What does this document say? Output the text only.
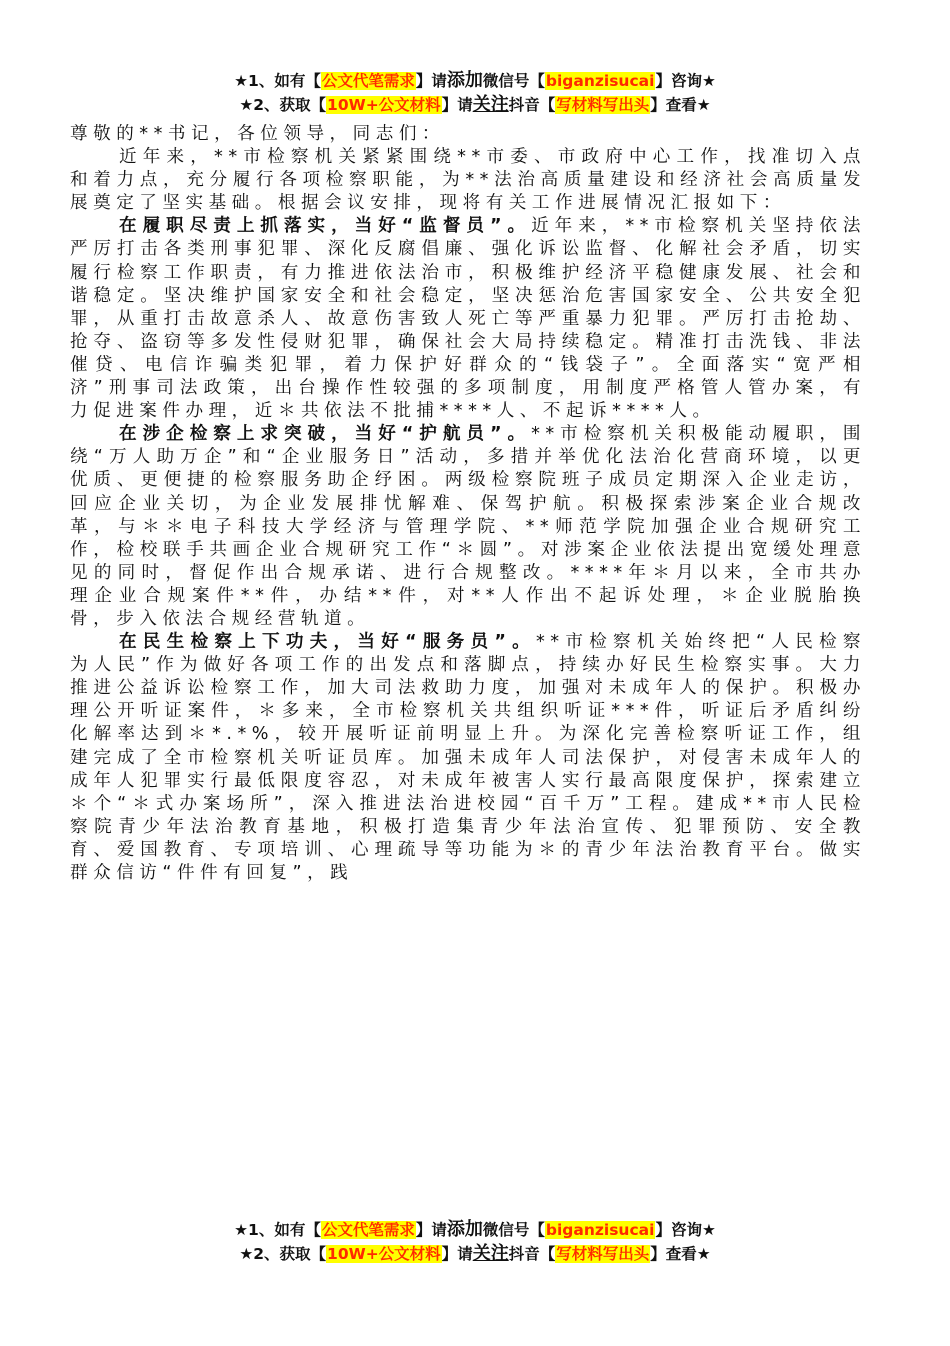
★1、如有【公文代笔需求】请添加微信号【biganzisucai】咨询★
★2、获取【10W+公文材料】请关注抖音【写材料写出头】查看★

尊敬的**书记，各位领导，同志们：

近年来，**市检察机关紧紧围绕**市委、市政府中心工作，找准切入点和着力点，充分履行各项检察职能，为**法治高质量建设和经济社会高质量发展奠定了坚实基础。根据会议安排，现将有关工作进展情况汇报如下：

在履职尽责上抓落实，当好“监督员”。近年来，**市检察机关坚持依法严厉打击各类刑事犯罪、深化反腐倡廉、强化诉讼监督、化解社会矛盾，切实履行检察工作职责，有力推进依法治市，积极维护经济平稳健康发展、社会和谐稳定。坚决维护国家安全和社会稳定，坚决惩治危害国家安全、公共安全犯罪，从重打击故意杀人、故意伤害致人死亡等严重暴力犯罪。严厉打击抢劫、抢夺、盗窃等多发性侵财犯罪，确保社会大局持续稳定。精准打击洗钱、非法催贷、电信诈骗类犯罪，着力保护好群众的“钱袋子”。全面落实“宽严相济”刑事司法政策，出台操作性较强的多项制度，用制度严格管人管办案，有力促进案件办理，近＊共依法不批捕****人、不起诉****人。

在涉企检察上求突破，当好“护航员”。**市检察机关积极能动履职，围绕“万人助万企”和“企业服务日”活动，多措并举优化法治化营商环境，以更优质、更便捷的检察服务助企纾困。两级检察院班子成员定期深入企业走访，回应企业关切，为企业发展排忧解难、保驾护航。积极探索涉案企业合规改革，与＊＊电子科技大学经济与管理学院、**师范学院加强企业合规研究工作，检校联手共画企业合规研究工作“＊圆”。对涉案企业依法提出宽缓处理意见的同时，督促作出合规承诺、进行合规整改。****年＊月以来，全市共办理企业合规案件**件，办结**件，对**人作出不起诉处理，＊企业脱胎换骨，步入依法合规经营轨道。

在民生检察上下功夫，当好“服务员”。**市检察机关始终把“人民检察为人民”作为做好各项工作的出发点和落脚点，持续办好民生检察实事。大力推进公益诉讼检察工作，加大司法救助力度，加强对未成年人的保护。积极办理公开听证案件，＊多来，全市检察机关共组织听证***件，听证后矛盾纠纷化解率达到＊*.*%，较开展听证前明显上升。为深化完善检察听证工作，组建完成了全市检察机关听证员库。加强未成年人司法保护，对侵害未成年人的成年人犯罪实行最低限度容忍，对未成年被害人实行最高限度保护，探索建立＊个“＊式办案场所”，深入推进法治进校园“百千万”工程。建成**市人民检察院青少年法治教育基地，积极打造集青少年法治宣传、犯罪预防、安全教育、爱国教育、专项培训、心理疏导等功能为＊的青少年法治教育平台。做实群众信访“件件有回复”，践

★1、如有【公文代笔需求】请添加微信号【biganzisucai】咨询★
★2、获取【10W+公文材料】请关注抖音【写材料写出头】查看★
